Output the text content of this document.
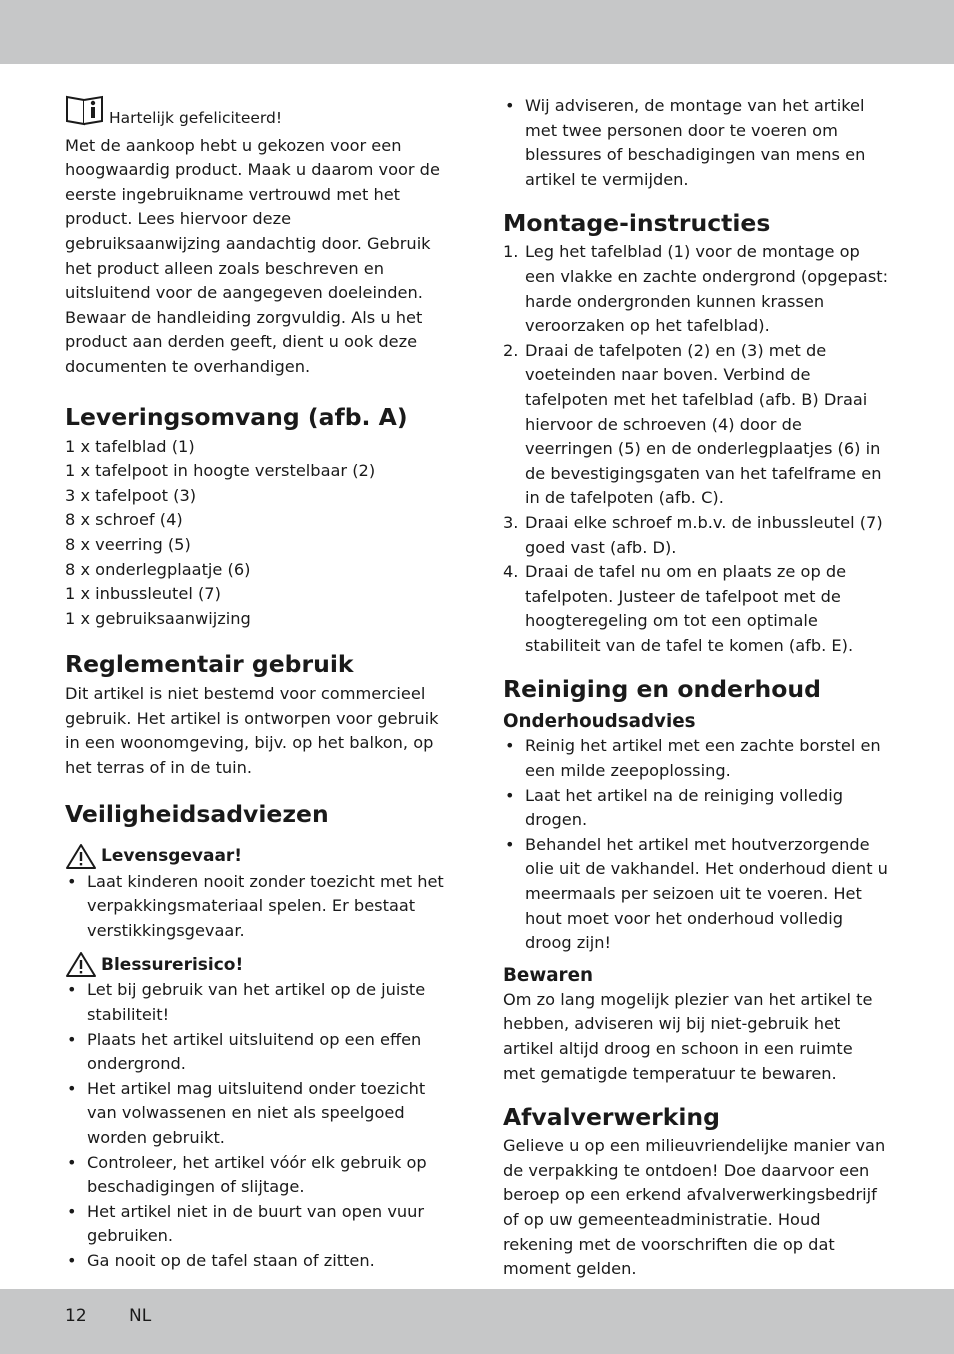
Hartelijk gefeliciteerd!

Met de aankoop hebt u gekozen voor een hoogwaardig product. Maak u daarom voor de eerste ingebruikname vertrouwd met het product. Lees hiervoor deze gebruiksaanwijzing aandachtig door. Gebruik het product alleen zoals beschreven en uitsluitend voor de aangegeven doeleinden. Bewaar de handleiding zorgvuldig. Als u het product aan derden geeft, dient u ook deze documenten te overhandigen.

Leveringsomvang (afb. A)
1 x tafelblad (1)
1 x tafelpoot in hoogte verstelbaar (2)
3 x tafelpoot (3)
8 x schroef (4)
8 x veerring (5)
8 x onderlegplaatje (6)
1 x inbussleutel (7)
1 x gebruiksaanwijzing
Reglementair gebruik

Dit artikel is niet bestemd voor commercieel gebruik. Het artikel is ontworpen voor gebruik in een woonomgeving, bijv. op het balkon, op het terras of in de tuin.

Veiligheidsadviezen
Levensgevaar!
• Laat kinderen nooit zonder toezicht met het verpakkingsmateriaal spelen. Er bestaat verstikkingsgevaar.
Blessurerisico!
• Let bij gebruik van het artikel op de juiste stabiliteit!
• Plaats het artikel uitsluitend op een effen ondergrond.
• Het artikel mag uitsluitend onder toezicht van volwassenen en niet als speelgoed worden gebruikt.
• Controleer, het artikel vóór elk gebruik op beschadigingen of slijtage.
• Het artikel niet in de buurt van open vuur gebruiken.
• Ga nooit op de tafel staan of zitten.
• Wij adviseren, de montage van het artikel met twee personen door te voeren om blessures of beschadigingen van mens en artikel te vermijden.
Montage-instructies
1. Leg het tafelblad (1) voor de montage op een vlakke en zachte ondergrond (opgepast: harde ondergronden kunnen krassen veroorzaken op het tafelblad).
2. Draai de tafelpoten (2) en (3) met de voeteinden naar boven. Verbind de tafelpoten met het tafelblad (afb. B) Draai hiervoor de schroeven (4) door de veerringen (5) en de onderlegplaatjes (6) in de bevestigingsgaten van het tafelframe en in de tafelpoten (afb. C).
3. Draai elke schroef m.b.v. de inbussleutel (7) goed vast (afb. D).
4. Draai de tafel nu om en plaats ze op de tafelpoten. Justeer de tafelpoot met de hoogteregeling om tot een optimale stabiliteit van de tafel te komen (afb. E).
Reiniging en onderhoud
Onderhoudsadvies
• Reinig het artikel met een zachte borstel en een milde zeepoplossing.
• Laat het artikel na de reiniging volledig drogen.
• Behandel het artikel met houtverzorgende olie uit de vakhandel. Het onderhoud dient u meermaals per seizoen uit te voeren. Het hout moet voor het onderhoud volledig droog zijn!
Bewaren

Om zo lang mogelijk plezier van het artikel te hebben, adviseren wij bij niet-gebruik het artikel altijd droog en schoon in een ruimte met gematigde temperatuur te bewaren.

Afvalverwerking

Gelieve u op een milieuvriendelijke manier van de verpakking te ontdoen! Doe daarvoor een beroep op een erkend afvalverwerkingsbedrijf of op uw gemeenteadministratie. Houd rekening met de voorschriften die op dat moment gelden.

12 NL
